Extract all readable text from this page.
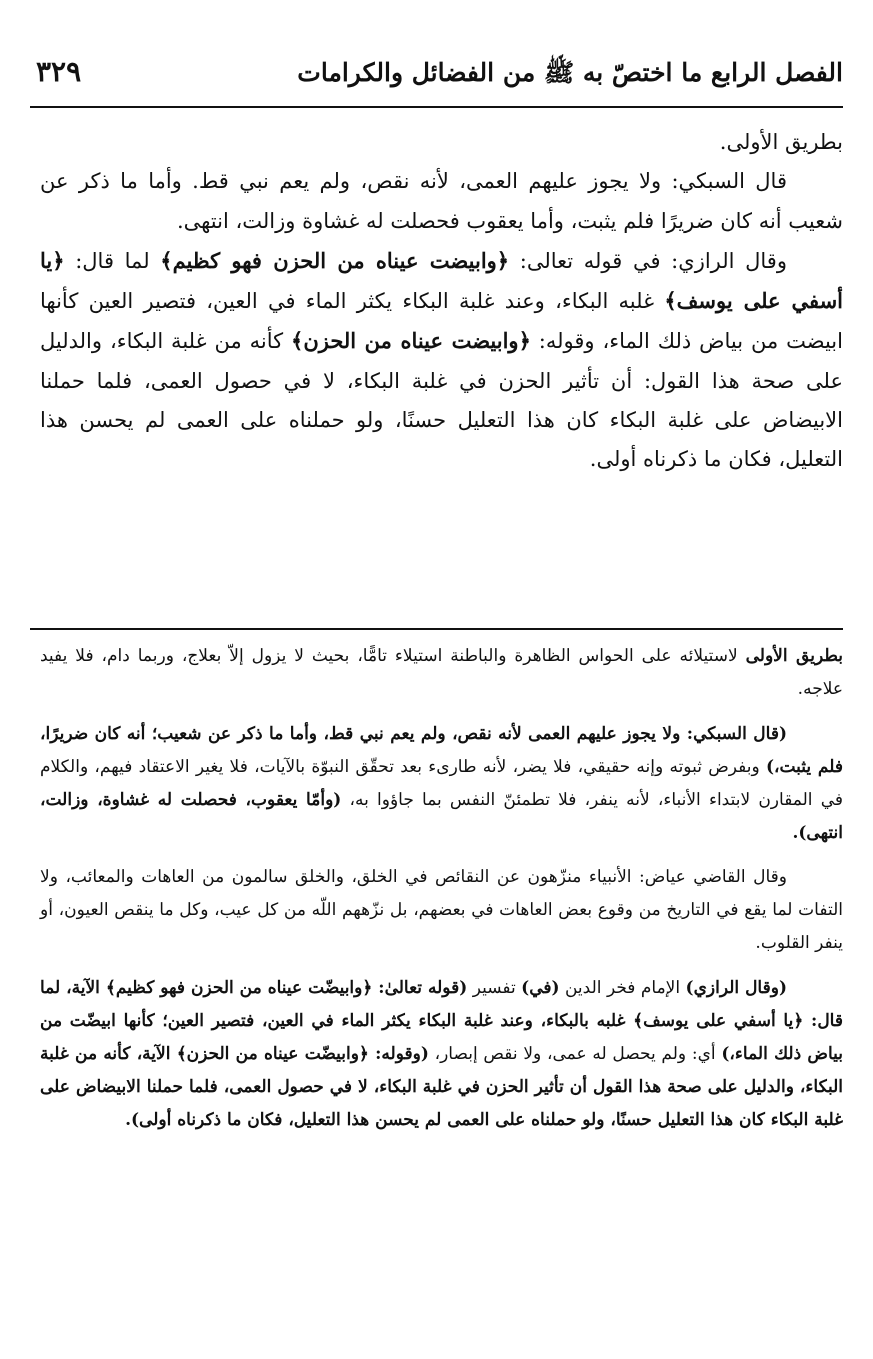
الفصل الرابع ما اختصّ به ﷺ من الفضائل والكرامات
٣٢٩

بطريق الأولى.

قال السبكي: ولا يجوز عليهم العمى، لأنه نقص، ولم يعم نبي قط. وأما ما ذكر عن شعيب أنه كان ضريرًا فلم يثبت، وأما يعقوب فحصلت له غشاوة وزالت، انتهى.

وقال الرازي: في قوله تعالى: ﴿وابيضت عيناه من الحزن فهو كظيم﴾ لما قال: ﴿يا أسفي على يوسف﴾ غلبه البكاء، وعند غلبة البكاء يكثر الماء في العين، فتصير العين كأنها ابيضت من بياض ذلك الماء، وقوله: ﴿وابيضت عيناه من الحزن﴾ كأنه من غلبة البكاء، والدليل على صحة هذا القول: أن تأثير الحزن في غلبة البكاء، لا في حصول العمى، فلما حملنا الابيضاض على غلبة البكاء كان هذا التعليل حسنًا، ولو حملناه على العمى لم يحسن هذا التعليل، فكان ما ذكرناه أولى.

بطريق الأولى لاستيلائه على الحواس الظاهرة والباطنة استيلاء تامًّا، بحيث لا يزول إلاّ بعلاج، وربما دام، فلا يفيد علاجه.

(قال السبكي: ولا يجوز عليهم العمى لأنه نقص، ولم يعم نبي قط، وأما ما ذكر عن شعيب؛ أنه كان ضريرًا، فلم يثبت،) وبفرض ثبوته وإنه حقيقي، فلا يضر، لأنه طارىء بعد تحقّق النبوّة بالآيات، فلا يغير الاعتقاد فيهم، والكلام في المقارن لابتداء الأنباء، لأنه ينفر، فلا تطمئنّ النفس بما جاؤوا به، (وأمّا يعقوب، فحصلت له غشاوة، وزالت، انتهى).

وقال القاضي عياض: الأنبياء منزّهون عن النقائص في الخلق، والخلق سالمون من العاهات والمعائب، ولا التفات لما يقع في التاريخ من وقوع بعض العاهات في بعضهم، بل نزّههم اللّه من كل عيب، وكل ما ينقص العيون، أو ينفر القلوب.

(وقال الرازي) الإمام فخر الدين (في) تفسير (قوله تعالىٰ: ﴿وابيضّت عيناه من الحزن فهو كظيم﴾ الآية، لما قال: ﴿يا أسفي على يوسف﴾ غلبه بالبكاء، وعند غلبة البكاء يكثر الماء في العين، فتصير العين؛ كأنها ابيضّت من بياض ذلك الماء،) أي: ولم يحصل له عمى، ولا نقص إبصار، (وقوله: ﴿وابيضّت عيناه من الحزن﴾ الآية، كأنه من غلبة البكاء، والدليل على صحة هذا القول أن تأثير الحزن في غلبة البكاء، لا في حصول العمى، فلما حملنا الابيضاض على غلبة البكاء كان هذا التعليل حسنًا، ولو حملناه على العمى لم يحسن هذا التعليل، فكان ما ذكرناه أولى).
